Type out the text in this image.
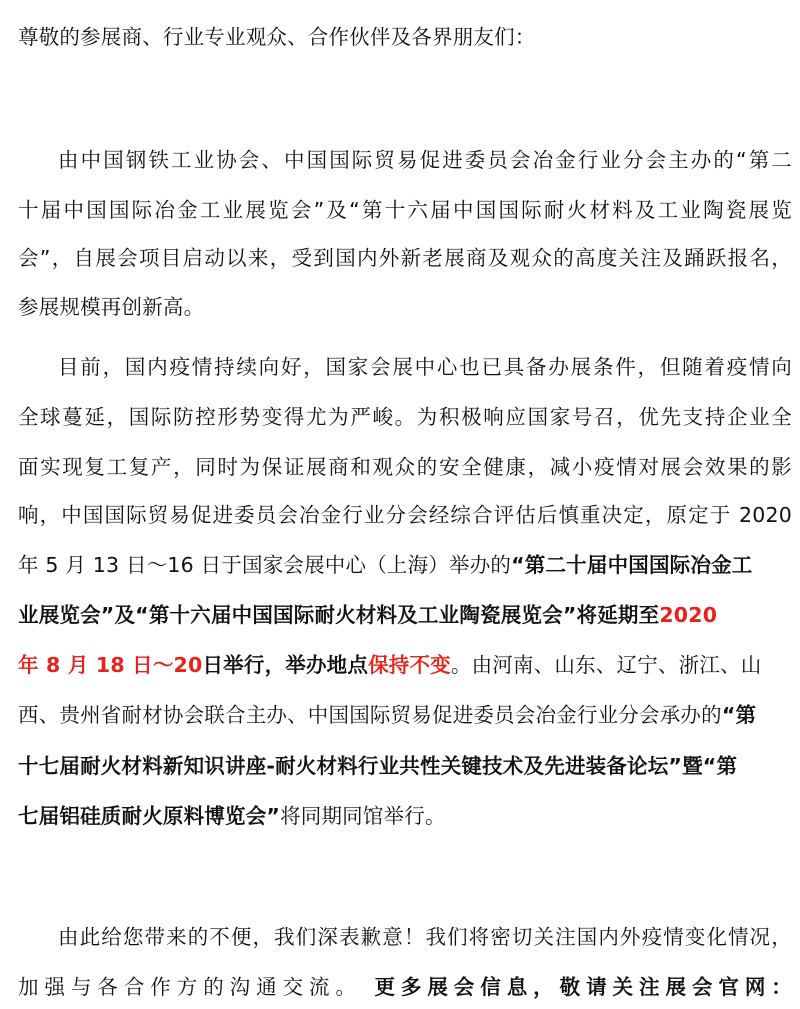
尊敬的参展商、行业专业观众、合作伙伴及各界朋友们：
由中国钢铁工业协会、中国国际贸易促进委员会冶金行业分会主办的“第二
十届中国国际冶金工业展览会”及“第十六届中国国际耐火材料及工业陶瓷展览
会”，自展会项目启动以来，受到国内外新老展商及观众的高度关注及踊跃报名，
参展规模再创新高。
目前，国内疫情持续向好，国家会展中心也已具备办展条件，但随着疫情向
全球蔓延，国际防控形势变得尤为严峻。为积极响应国家号召，优先支持企业全
面实现复工复产，同时为保证展商和观众的安全健康，减小疫情对展会效果的影
响，中国国际贸易促进委员会冶金行业分会经综合评估后慎重决定，原定于 2020
年 5 月 13 日～16 日于国家会展中心（上海）举办的“第二十届中国国际冶金工
业展览会”及“第十六届中国国际耐火材料及工业陶瓷展览会”将延期至2020
年 8 月 18 日～20日举行，举办地点保持不变。由河南、山东、辽宁、浙江、山
西、贵州省耐材协会联合主办、中国国际贸易促进委员会冶金行业分会承办的“第
十七届耐火材料新知识讲座-耐火材料行业共性关键技术及先进装备论坛”暨“第
七届铝硅质耐火原料博览会”将同期同馆举行。
由此给您带来的不便，我们深表歉意！我们将密切关注国内外疫情变化情况，
加强与各合作方的沟通交流。 更多展会信息，敬请关注展会官网：
